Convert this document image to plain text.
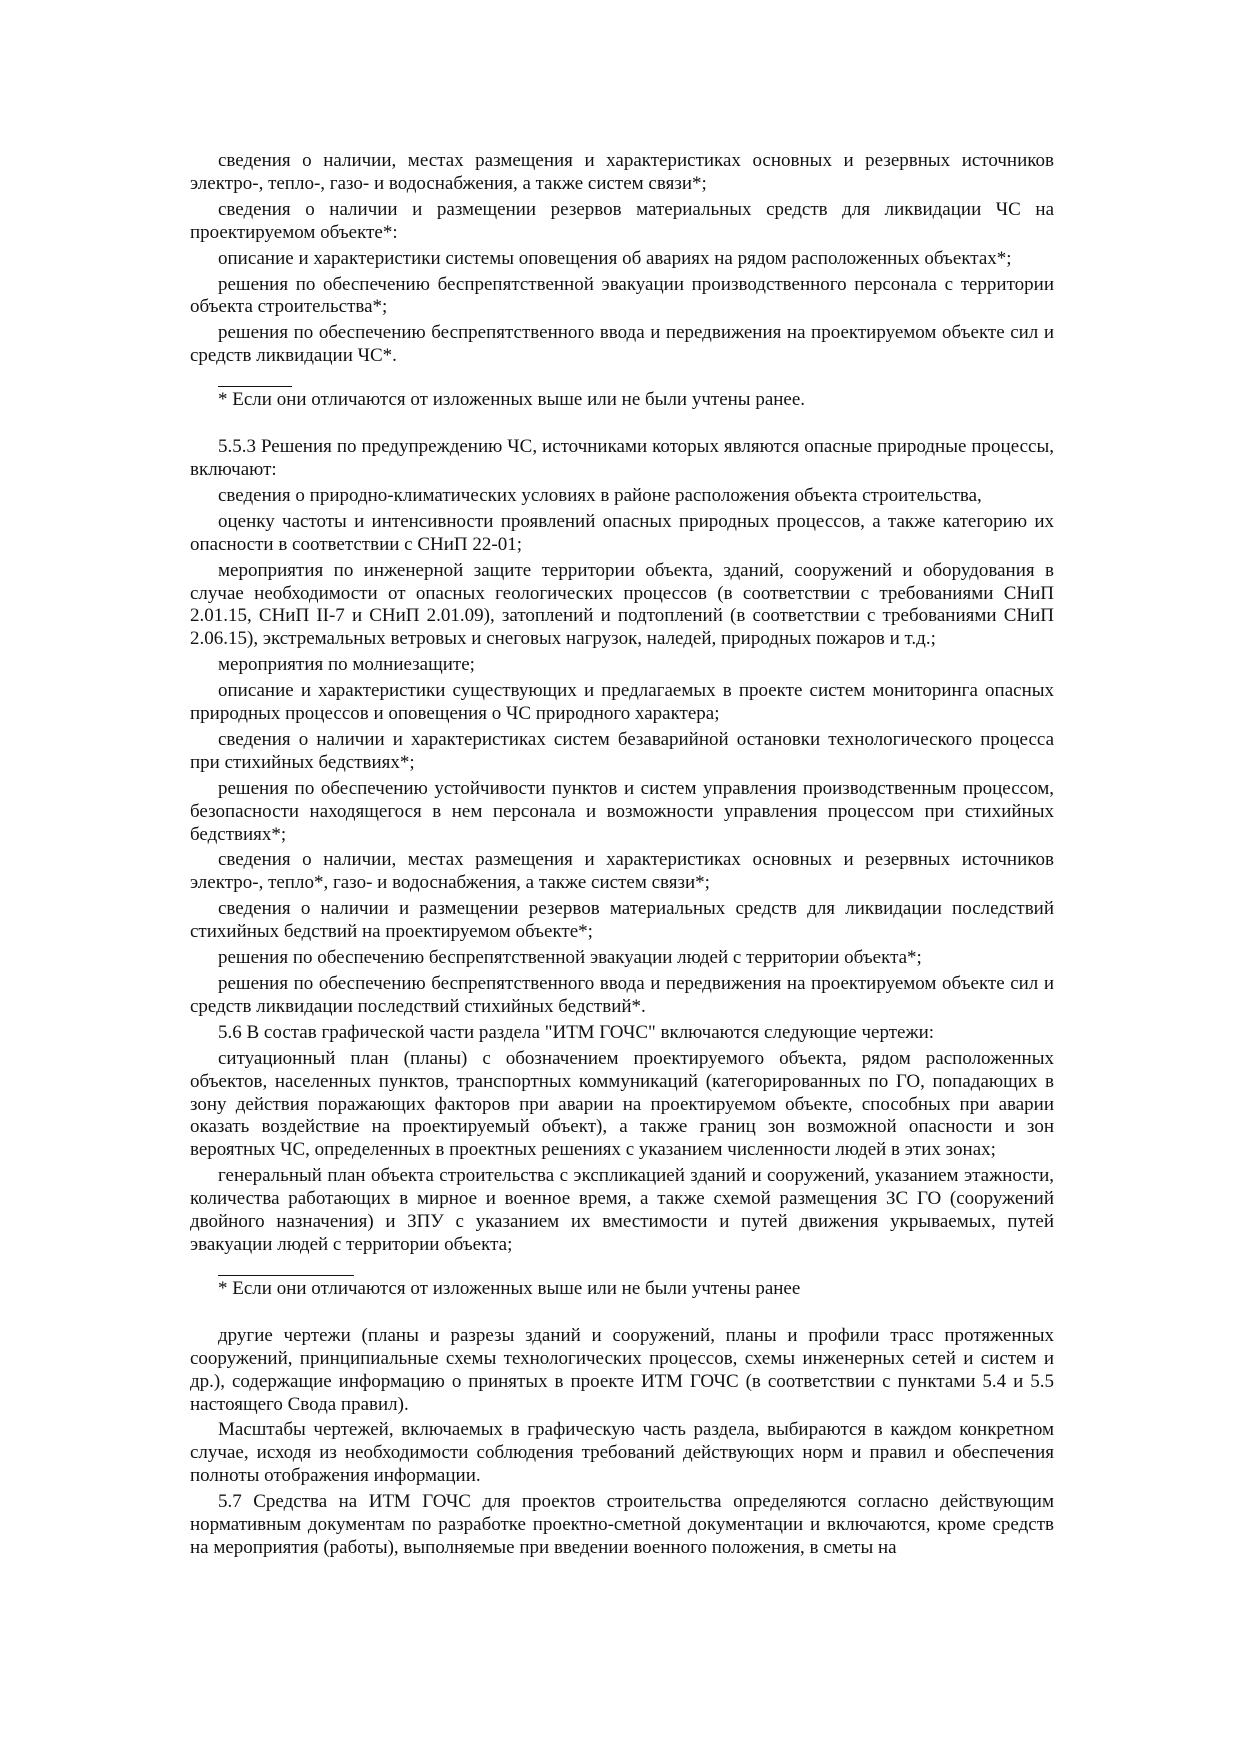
сведения о наличии, местах размещения и характеристиках основных и резервных источников электро-, тепло-, газо- и водоснабжения, а также систем связи*;

сведения о наличии и размещении резервов материальных средств для ликвидации ЧС на проектируемом объекте*:

описание и характеристики системы оповещения об авариях на рядом расположенных объектах*;

решения по обеспечению беспрепятственной эвакуации производственного персонала с территории объекта строительства*;

решения по обеспечению беспрепятственного ввода и передвижения на проектируемом объекте сил и средств ликвидации ЧС*.

* Если они отличаются от изложенных выше или не были учтены ранее.

5.5.3 Решения по предупреждению ЧС, источниками которых являются опасные природные процессы, включают:

сведения о природно-климатических условиях в районе расположения объекта строительства,

оценку частоты и интенсивности проявлений опасных природных процессов, а также категорию их опасности в соответствии с СНиП 22-01;

мероприятия по инженерной защите территории объекта, зданий, сооружений и оборудования в случае необходимости от опасных геологических процессов (в соответствии с требованиями СНиП 2.01.15, СНиП II-7 и СНиП 2.01.09), затоплений и подтоплений (в соответствии с требованиями СНиП 2.06.15), экстремальных ветровых и снеговых нагрузок, наледей, природных пожаров и т.д.;

мероприятия по молниезащите;

описание и характеристики существующих и предлагаемых в проекте систем мониторинга опасных природных процессов и оповещения о ЧС природного характера;

сведения о наличии и характеристиках систем безаварийной остановки технологического процесса при стихийных бедствиях*;

решения по обеспечению устойчивости пунктов и систем управления производственным процессом, безопасности находящегося в нем персонала и возможности управления процессом при стихийных бедствиях*;

сведения о наличии, местах размещения и характеристиках основных и резервных источников электро-, тепло*, газо- и водоснабжения, а также систем связи*;

сведения о наличии и размещении резервов материальных средств для ликвидации последствий стихийных бедствий на проектируемом объекте*;

решения по обеспечению беспрепятственной эвакуации людей с территории объекта*;

решения по обеспечению беспрепятственного ввода и передвижения на проектируемом объекте сил и средств ликвидации последствий стихийных бедствий*.

5.6 В состав графической части раздела "ИТМ ГОЧС" включаются следующие чертежи:

ситуационный план (планы) с обозначением проектируемого объекта, рядом расположенных объектов, населенных пунктов, транспортных коммуникаций (категорированных по ГО, попадающих в зону действия поражающих факторов при аварии на проектируемом объекте, способных при аварии оказать воздействие на проектируемый объект), а также границ зон возможной опасности и зон вероятных ЧС, определенных в проектных решениях с указанием численности людей в этих зонах;

генеральный план объекта строительства с экспликацией зданий и сооружений, указанием этажности, количества работающих в мирное и военное время, а также схемой размещения ЗС ГО (сооружений двойного назначения) и ЗПУ с указанием их вместимости и путей движения укрываемых, путей эвакуации людей с территории объекта;

* Если они отличаются от изложенных выше или не были учтены ранее

другие чертежи (планы и разрезы зданий и сооружений, планы и профили трасс протяженных сооружений, принципиальные схемы технологических процессов, схемы инженерных сетей и систем и др.), содержащие информацию о принятых в проекте ИТМ ГОЧС (в соответствии с пунктами 5.4 и 5.5 настоящего Свода правил).

Масштабы чертежей, включаемых в графическую часть раздела, выбираются в каждом конкретном случае, исходя из необходимости соблюдения требований действующих норм и правил и обеспечения полноты отображения информации.

5.7 Средства на ИТМ ГОЧС для проектов строительства определяются согласно действующим нормативным документам по разработке проектно-сметной документации и включаются, кроме средств на мероприятия (работы), выполняемые при введении военного положения, в сметы на
